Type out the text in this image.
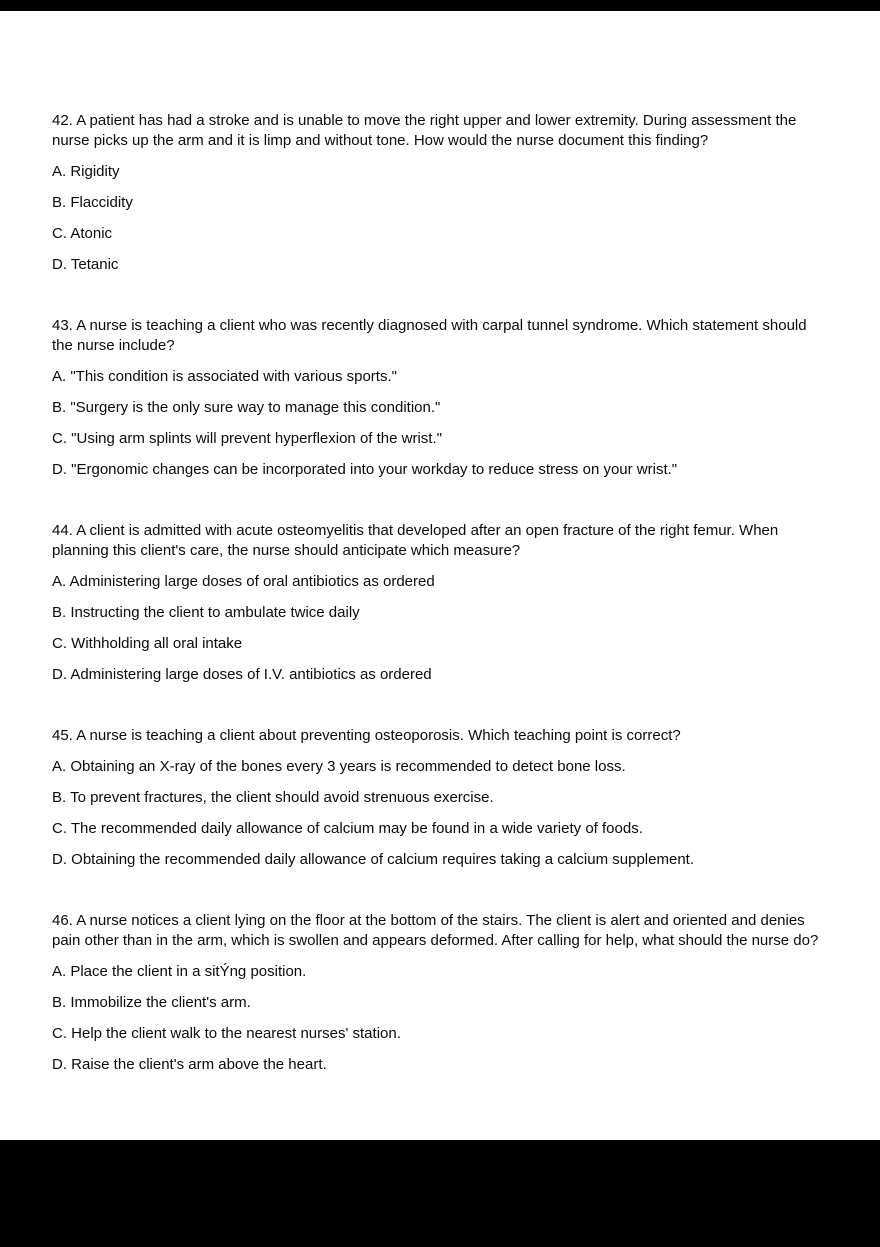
42. A patient has had a stroke and is unable to move the right upper and lower extremity. During assessment the nurse picks up the arm and it is limp and without tone. How would the nurse document this finding?

A. Rigidity

B. Flaccidity

C. Atonic

D. Tetanic

43. A nurse is teaching a client who was recently diagnosed with carpal tunnel syndrome. Which statement should the nurse include?

A. "This condition is associated with various sports."

B. "Surgery is the only sure way to manage this condition."

C. "Using arm splints will prevent hyperflexion of the wrist."

D. "Ergonomic changes can be incorporated into your workday to reduce stress on your wrist."

44. A client is admitted with acute osteomyelitis that developed after an open fracture of the right femur. When planning this client's care, the nurse should anticipate which measure?

A. Administering large doses of oral antibiotics as ordered

B. Instructing the client to ambulate twice daily

C. Withholding all oral intake

D. Administering large doses of I.V. antibiotics as ordered

45. A nurse is teaching a client about preventing osteoporosis. Which teaching point is correct?

A. Obtaining an X-ray of the bones every 3 years is recommended to detect bone loss.

B. To prevent fractures, the client should avoid strenuous exercise.

C. The recommended daily allowance of calcium may be found in a wide variety of foods.

D. Obtaining the recommended daily allowance of calcium requires taking a calcium supplement.

46. A nurse notices a client lying on the floor at the bottom of the stairs. The client is alert and oriented and denies pain other than in the arm, which is swollen and appears deformed. After calling for help, what should the nurse do?

A. Place the client in a sitÝng position.

B. Immobilize the client's arm.

C. Help the client walk to the nearest nurses' station.

D. Raise the client's arm above the heart.
